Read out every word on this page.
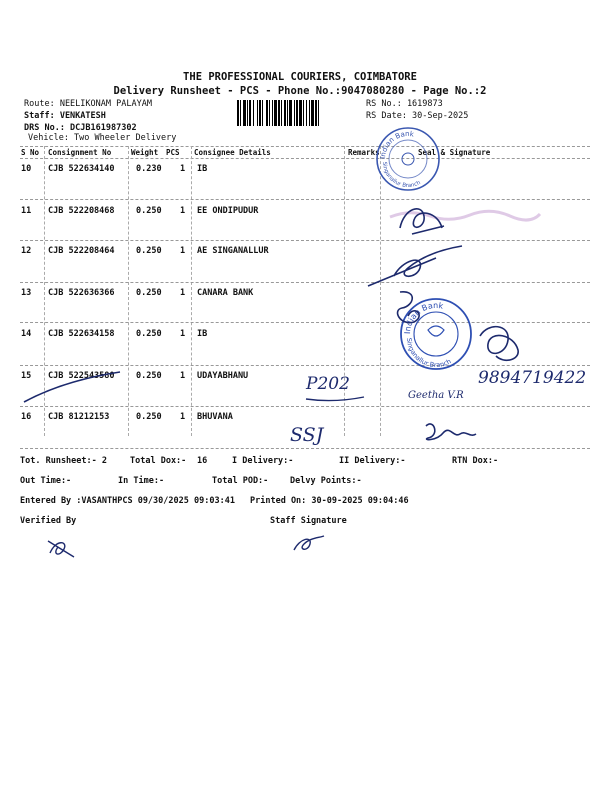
THE PROFESSIONAL COURIERS, COIMBATORE
Delivery Runsheet - PCS - Phone No.:9047080280 - Page No.:2
Route: NEELIKONAM PALAYAM
Staff: VENKATESH
DRS No.: DCJB161987302
Vehicle: Two Wheeler Delivery
RS No.: 1619873
RS Date: 30-Sep-2025
S No Consignment No	Weight PCS Consignee Details	Remarks	Seal & Signature
10 CJB 522634140	0.230 1 IB
11 CJB 522208468	0.250 1 EE ONDIPUDUR
12 CJB 522208464	0.250 1 AE SINGANALLUR
13 CJB 522636366	0.250 1 CANARA BANK
14 CJB 522634158	0.250 1 IB
15 CJB 522543580	0.250 1 UDAYABHANU
16 CJB 81212153	0.250 1 BHUVANA
Indian Bank
Singanallur Branch
Indian Bank
Singanallur Branch
P202	9894719422
Geetha V.R
SSJ
Tot. Runsheet:- 2	Total Dox:- 16	I Delivery:-	II Delivery:-	RTN Dox:-
Out Time:-	In Time:-	Total POD:-	Delvy Points:-
Entered By :VASANTHPCS 09/30/2025 09:03:41 Printed On: 30-09-2025 09:04:46
Verified By	Staff Signature
